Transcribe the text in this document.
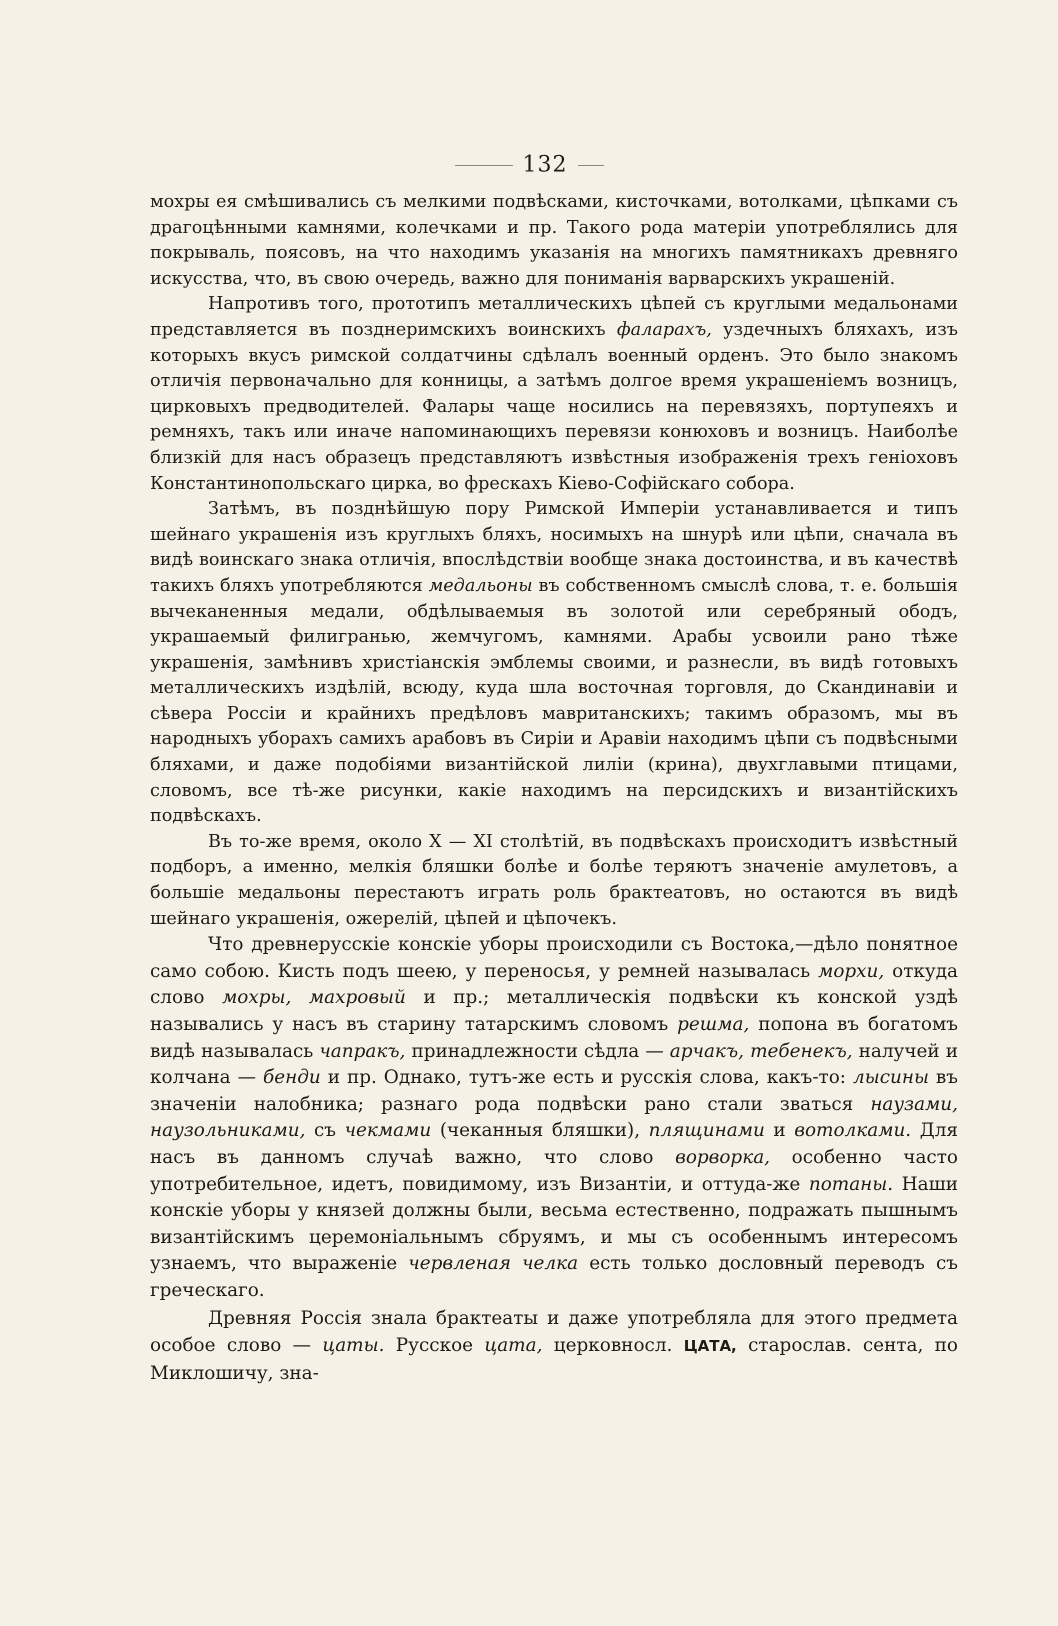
132

мохры ея смѣшивались съ мелкими подвѣсками, кисточками, вотолками, цѣпками съ драгоцѣнными камнями, колечками и пр. Такого рода матеріи употреблялись для покрываль, поясовъ, на что находимъ указанія на многихъ памятникахъ древняго искусства, что, въ свою очередь, важно для пониманія варварскихъ украшеній.

Напротивъ того, прототипъ металлическихъ цѣпей съ круглыми медальонами представляется въ позднеримскихъ воинскихъ фаларахъ, уздечныхъ бляхахъ, изъ которыхъ вкусъ римской солдатчины сдѣлалъ военный орденъ. Это было знакомъ отличія первоначально для конницы, а затѣмъ долгое время украшеніемъ возницъ, цирковыхъ предводителей. Фалары чаще носились на перевязяхъ, портупеяхъ и ремняхъ, такъ или иначе напоминающихъ перевязи конюховъ и возницъ. Наиболѣе близкій для насъ образецъ представляютъ извѣстныя изображенія трехъ геніоховъ Константинопольскаго цирка, во фрескахъ Кіево-Софійскаго собора.

Затѣмъ, въ позднѣйшую пору Римской Имперіи устанавливается и типъ шейнаго украшенія изъ круглыхъ бляхъ, носимыхъ на шнурѣ или цѣпи, сначала въ видѣ воинскаго знака отличія, впослѣдствіи вообще знака достоинства, и въ качествѣ такихъ бляхъ употребляются медальоны въ собственномъ смыслѣ слова, т. е. большія вычеканенныя медали, обдѣлываемыя въ золотой или серебряный ободъ, украшаемый филигранью, жемчугомъ, камнями. Арабы усвоили рано тѣже украшенія, замѣнивъ христіанскія эмблемы своими, и разнесли, въ видѣ готовыхъ металлическихъ издѣлій, всюду, куда шла восточная торговля, до Скандинавіи и сѣвера Россіи и крайнихъ предѣловъ мавританскихъ; такимъ образомъ, мы въ народныхъ уборахъ самихъ арабовъ въ Сиріи и Аравіи находимъ цѣпи съ подвѣсными бляхами, и даже подобіями византійской лиліи (крина), двухглавыми птицами, словомъ, все тѣ-же рисунки, какіе находимъ на персидскихъ и византійскихъ подвѣскахъ.

Въ то-же время, около X — XI столѣтій, въ подвѣскахъ происходитъ извѣстный подборъ, а именно, мелкія бляшки болѣе и болѣе теряютъ значеніе амулетовъ, а большіе медальоны перестаютъ играть роль брактеатовъ, но остаются въ видѣ шейнаго украшенія, ожерелій, цѣпей и цѣпочекъ.

Что древнерусскіе конскіе уборы происходили съ Востока,—дѣло понятное само собою. Кисть подъ шеею, у переносья, у ремней называлась морхи, откуда слово мохры, махровый и пр.; металлическія подвѣски къ конской уздѣ назывались у насъ въ старину татарскимъ словомъ решма, попона въ богатомъ видѣ называлась чапракъ, принадлежности сѣдла — арчакъ, тебенекъ, налучей и колчана — бенди и пр. Однако, тутъ-же есть и русскія слова, какъ-то: лысины въ значеніи налобника; разнаго рода подвѣски рано стали зваться наузами, наузольниками, съ чекмами (чеканныя бляшки), плящинами и вотолками. Для насъ въ данномъ случаѣ важно, что слово ворворка, особенно часто употребительное, идетъ, повидимому, изъ Византіи, и оттуда-же потаны. Наши конскіе уборы у князей должны были, весьма естественно, подражать пышнымъ византійскимъ церемоніальнымъ сбруямъ, и мы съ особеннымъ интересомъ узнаемъ, что выраженіе червленая челка есть только дословный переводъ съ греческаго.

Древняя Россія знала брактеаты и даже употребляла для этого предмета особое слово — цаты. Русское цата, церковносл. ЦАТА, старослав. cента, по Миклошичу, зна-
